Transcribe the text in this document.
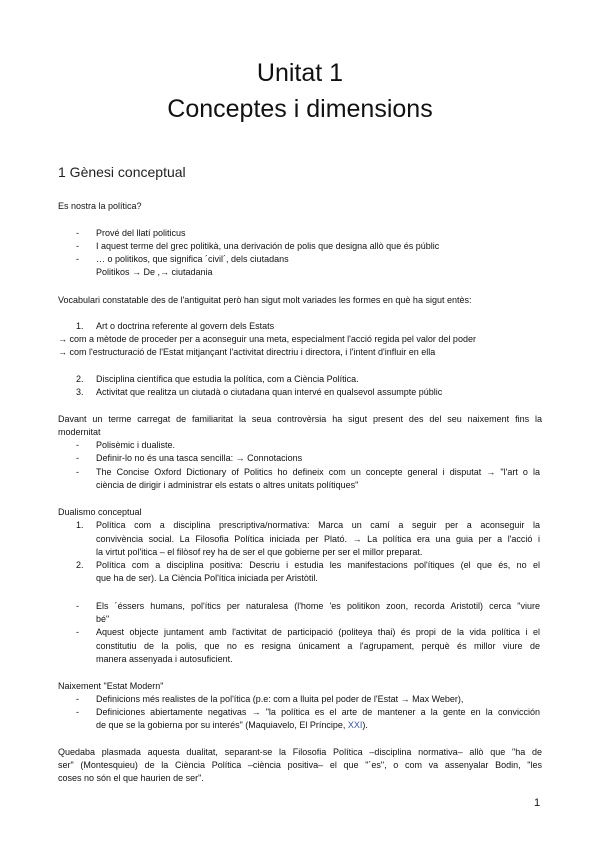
Unitat 1
Conceptes i dimensions
1 Gènesi conceptual
Es nostra la política?
-	Prové del llatí politicus
-	I aquest terme del grec politikà, una derivación de polis que designa allò que és públic
-	… o politikos, que significa ´civil´, dels ciutadans
Politikos → De ,→ ciutadania
Vocabulari constatable des de l'antiguitat però han sigut molt variades les formes en què ha sigut entès:
1.	Art o doctrina referente al govern dels Estats
→ com a mètode de proceder per a aconseguir una meta, especialment l'acció regida pel valor del poder
→ com l'estructuració de l'Estat mitjançant l'activitat directriu i directora, i l'intent d'influir en ella
2.	Disciplina científica que estudia la política, com a Ciència Política.
3.	Activitat que realitza un ciutadà o ciutadana quan intervé en qualsevol assumpte públic
Davant un terme carregat de familiaritat la seua controvèrsia ha sigut present des del seu naixement fins la
modernitat
-	Polisèmic i dualiste.
-	Definir-lo no és una tasca sencilla: → Connotacions
-	The Concise Oxford Dictionary of Politics ho defineix com un concepte general i disputat → "l'art o la
ciència de dirigir i administrar els estats o altres unitats polítiques"
Dualismo conceptual
1.	Política com a disciplina prescriptiva/normativa: Marca un camí a seguir per a aconseguir la
convivència social. La Filosofia Política iniciada per Plató. → La política era una guia per a l'acció i
la virtut pol'itica – el filòsof rey ha de ser el que gobierne per ser el millor preparat.
2.	Política com a disciplina positiva: Descriu i estudia les manifestacions pol'ítiques (el que és, no el
que ha de ser). La Ciència Pol'ítica iniciada per Aristòtil.
-	Els ´éssers humans, pol'ítics per naturalesa (l'home 'es politikon zoon, recorda Aristotil) cerca "viure
bé"
-	Aquest objecte juntament amb l'activitat de participació (politeya thai) és propi de la vida política i el
constitutiu de la polis, que no es resigna únicament a l'agrupament, perquè és millor viure de
manera assenyada i autosuficient.
Naixement "Estat Modern"
-	Definicions més realistes de la pol'ítica (p.e: com a lluita pel poder de l'Estat → Max Weber),
-	Definiciones abiertamente negativas → "la política es el arte de mantener a la gente en la convicción
de que se la gobierna por su interés" (Maquiavelo, El Príncipe, XXI).
Quedaba plasmada aquesta dualitat, separant-se la Filosofia Política –disciplina normativa– allò que "ha de
ser" (Montesquieu) de la Ciència Política –ciència positiva– el que "´es", o com va assenyalar Bodin, "les
coses no són el que haurien de ser".
1
